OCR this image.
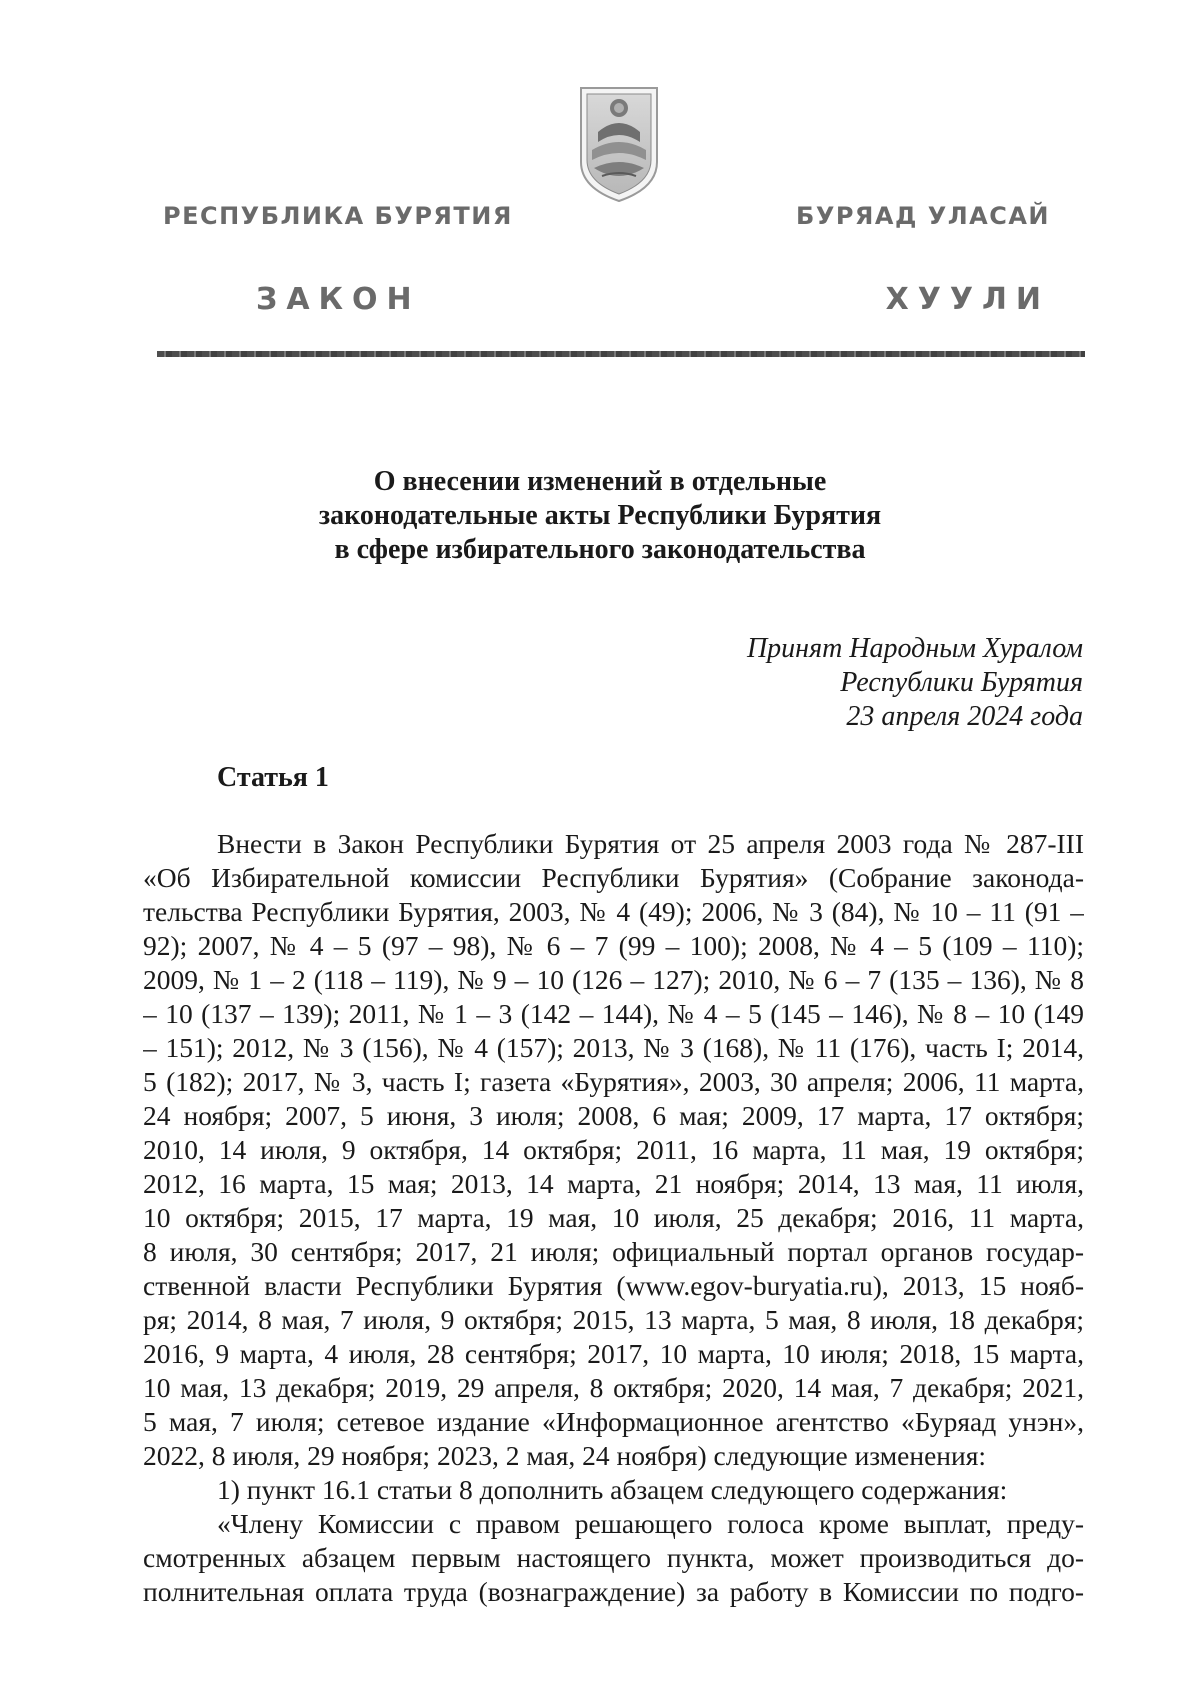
РЕСПУБЛИКА БУРЯТИЯ	БУРЯАД УЛАСАЙ
ЗАКОН	ХУУЛИ
О внесении изменений в отдельные
законодательные акты Республики Бурятия
в сфере избирательного законодательства
Принят Народным Хуралом
Республики Бурятия
23 апреля 2024 года
Статья 1
Внести в Закон Республики Бурятия от 25 апреля 2003 года № 287-III
«Об Избирательной комиссии Республики Бурятия» (Собрание законода-
тельства Республики Бурятия, 2003, № 4 (49); 2006, № 3 (84), № 10 – 11 (91 –
92); 2007, № 4 – 5 (97 – 98), № 6 – 7 (99 – 100); 2008, № 4 – 5 (109 – 110);
2009, № 1 – 2 (118 – 119), № 9 – 10 (126 – 127); 2010, № 6 – 7 (135 – 136), № 8
– 10 (137 – 139); 2011, № 1 – 3 (142 – 144), № 4 – 5 (145 – 146), № 8 – 10 (149
– 151); 2012, № 3 (156), № 4 (157); 2013, № 3 (168), № 11 (176), часть I; 2014,
5 (182); 2017, № 3, часть I; газета «Бурятия», 2003, 30 апреля; 2006, 11 марта,
24 ноября; 2007, 5 июня, 3 июля; 2008, 6 мая; 2009, 17 марта, 17 октября;
2010, 14 июля, 9 октября, 14 октября; 2011, 16 марта, 11 мая, 19 октября;
2012, 16 марта, 15 мая; 2013, 14 марта, 21 ноября; 2014, 13 мая, 11 июля,
10 октября; 2015, 17 марта, 19 мая, 10 июля, 25 декабря; 2016, 11 марта,
8 июля, 30 сентября; 2017, 21 июля; официальный портал органов государ-
ственной власти Республики Бурятия (www.egov-buryatia.ru), 2013, 15 нояб-
ря; 2014, 8 мая, 7 июля, 9 октября; 2015, 13 марта, 5 мая, 8 июля, 18 декабря;
2016, 9 марта, 4 июля, 28 сентября; 2017, 10 марта, 10 июля; 2018, 15 марта,
10 мая, 13 декабря; 2019, 29 апреля, 8 октября; 2020, 14 мая, 7 декабря; 2021,
5 мая, 7 июля; сетевое издание «Информационное агентство «Буряад унэн»,
2022, 8 июля, 29 ноября; 2023, 2 мая, 24 ноября) следующие изменения:
1) пункт 16.1 статьи 8 дополнить абзацем следующего содержания:
«Члену Комиссии с правом решающего голоса кроме выплат, преду-
смотренных абзацем первым настоящего пункта, может производиться до-
полнительная оплата труда (вознаграждение) за работу в Комиссии по подго-
